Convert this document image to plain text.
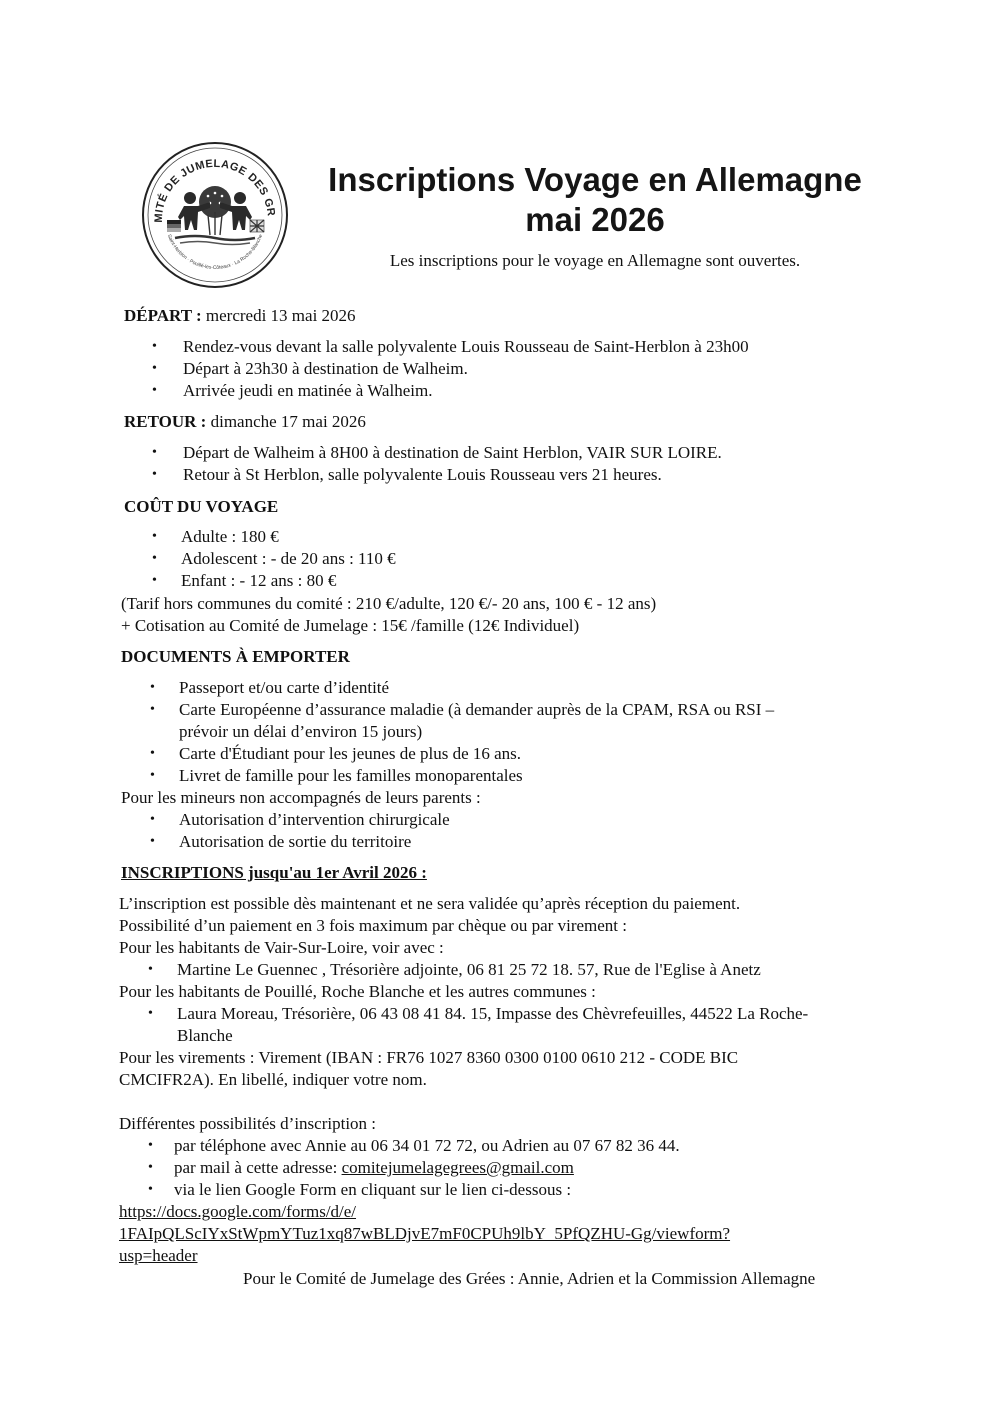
MITÉ DE JUMELAGE DES GR
Saint-Herblon · Pouillé-les-Côteaux · La Roche-Blanche
Inscriptions Voyage en Allemagne
mai 2026
Les inscriptions pour le voyage en Allemagne sont ouvertes.
DÉPART : mercredi 13 mai 2026
• Rendez-vous devant la salle polyvalente Louis Rousseau de Saint-Herblon à 23h00
• Départ à 23h30 à destination de Walheim.
• Arrivée jeudi en matinée à Walheim.
RETOUR : dimanche 17 mai 2026
• Départ de Walheim à 8H00 à destination de Saint Herblon, VAIR SUR LOIRE.
• Retour à St Herblon, salle polyvalente Louis Rousseau vers 21 heures.
COÛT DU VOYAGE
• Adulte : 180 €
• Adolescent : - de 20 ans : 110 €
• Enfant : - 12 ans : 80 €
(Tarif hors communes du comité : 210 €/adulte, 120 €/- 20 ans, 100 € - 12 ans)
+ Cotisation au Comité de Jumelage : 15€ /famille (12€ Individuel)
DOCUMENTS À EMPORTER
• Passeport et/ou carte d’identité
• Carte Européenne d’assurance maladie (à demander auprès de la CPAM, RSA ou RSI –
prévoir un délai d’environ 15 jours)
• Carte d'Étudiant pour les jeunes de plus de 16 ans.
• Livret de famille pour les familles monoparentales
Pour les mineurs non accompagnés de leurs parents :
• Autorisation d’intervention chirurgicale
• Autorisation de sortie du territoire
INSCRIPTIONS jusqu'au 1er Avril 2026 :
L’inscription est possible dès maintenant et ne sera validée qu’après réception du paiement.
Possibilité d’un paiement en 3 fois maximum par chèque ou par virement :
Pour les habitants de Vair-Sur-Loire, voir avec :
• Martine Le Guennec , Trésorière adjointe, 06 81 25 72 18. 57, Rue de l'Eglise à Anetz
Pour les habitants de Pouillé, Roche Blanche et les autres communes :
• Laura Moreau, Trésorière, 06 43 08 41 84. 15, Impasse des Chèvrefeuilles, 44522 La Roche-
Blanche
Pour les virements : Virement (IBAN : FR76 1027 8360 0300 0100 0610 212 - CODE BIC
CMCIFR2A). En libellé, indiquer votre nom.
Différentes possibilités d’inscription :
• par téléphone avec Annie au 06 34 01 72 72, ou Adrien au 07 67 82 36 44.
• par mail à cette adresse: comitejumelagegrees@gmail.com
• via le lien Google Form en cliquant sur le lien ci-dessous :
https://docs.google.com/forms/d/e/
1FAIpQLScIYxStWpmYTuz1xq87wBLDjvE7mF0CPUh9lbY_5PfQZHU-Gg/viewform?
usp=header
Pour le Comité de Jumelage des Grées : Annie, Adrien et la Commission Allemagne
